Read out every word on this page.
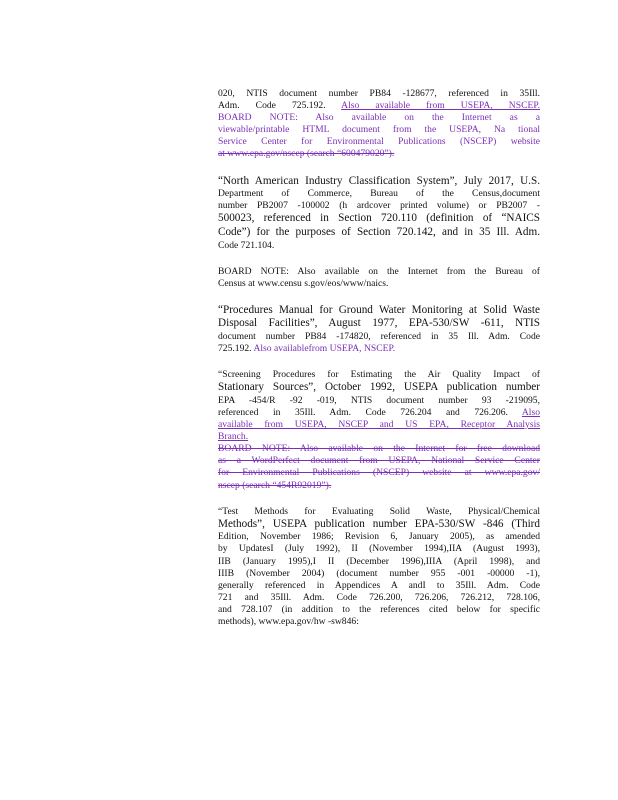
020, NTIS document number PB84 -128677, referenced in 35Ill.
Adm. Code 725.192. Also available from USEPA, NSCEP.
BOARD NOTE: Also available on the Internet as a
viewable/printable HTML document from the USEPA, Na tional
Service Center for Environmental Publications (NSCEP) website
at www.epa.gov/nscep (search “600479020”).
“North American Industry Classification System”, July 2017, U.S.
Department of Commerce, Bureau of the Census,document
number PB2007 -100002 (h ardcover printed volume) or PB2007 -
500023, referenced in Section 720.110 (definition of “NAICS
Code”) for the purposes of Section 720.142, and in 35 Ill. Adm.
Code 721.104.
BOARD NOTE: Also available on the Internet from the Bureau of
Census at www.censu s.gov/eos/www/naics.
“Procedures Manual for Ground Water Monitoring at Solid Waste
Disposal Facilities”, August 1977, EPA-530/SW -611, NTIS
document number PB84 -174820, referenced in 35 Ill. Adm. Code
725.192. Also availablefrom USEPA, NSCEP.
“Screening Procedures for Estimating the Air Quality Impact of
Stationary Sources”, October 1992, USEPA publication number
EPA -454/R -92 -019, NTIS document number 93 -219095,
referenced in 35Ill. Adm. Code 726.204 and 726.206. Also
available from USEPA, NSCEP and US EPA, Receptor Analysis
Branch.
BOARD NOTE: Also available on the Internet for free download
as a WordPerfect document from USEPA, National Service Center
for Environmental Publications (NSCEP) website at www.epa.gov/
nscep (search “454R92019”).
“Test Methods for Evaluating Solid Waste, Physical/Chemical
Methods”, USEPA publication number EPA-530/SW -846 (Third
Edition, November 1986; Revision 6, January 2005), as amended
by UpdatesI (July 1992), II (November 1994),IIA (August 1993),
IIB (January 1995),I II (December 1996),IIIA (April 1998), and
IIIB (November 2004) (document number 955 -001 -00000 -1),
generally referenced in Appendices A andI to 35Ill. Adm. Code
721 and 35Ill. Adm. Code 726.200, 726.206, 726.212, 728.106,
and 728.107 (in addition to the references cited below for specific
methods), www.epa.gov/hw -sw846:
